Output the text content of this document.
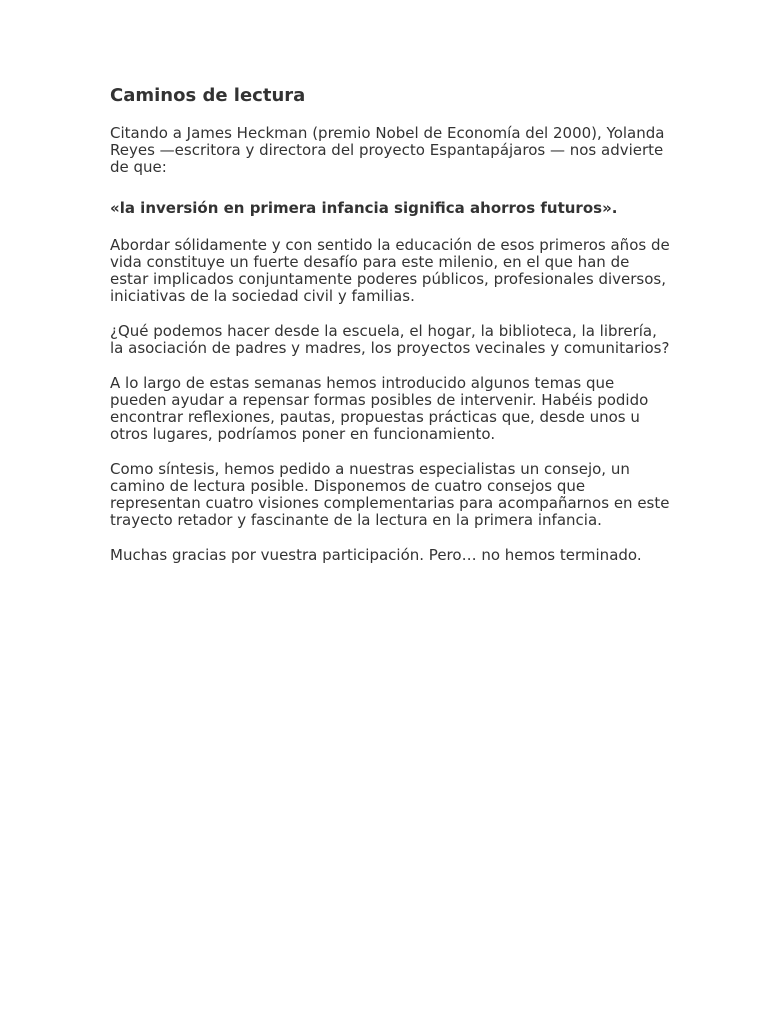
Caminos de lectura

Citando a James Heckman (premio Nobel de Economía del 2000), Yolanda Reyes —escritora y directora del proyecto Espantapájaros — nos advierte de que:

«la inversión en primera infancia significa ahorros futuros».

Abordar sólidamente y con sentido la educación de esos primeros años de vida constituye un fuerte desafío para este milenio, en el que han de estar implicados conjuntamente poderes públicos, profesionales diversos, iniciativas de la sociedad civil y familias.

¿Qué podemos hacer desde la escuela, el hogar, la biblioteca, la librería, la asociación de padres y madres, los proyectos vecinales y comunitarios?

A lo largo de estas semanas hemos introducido algunos temas que pueden ayudar a repensar formas posibles de intervenir. Habéis podido encontrar reflexiones, pautas, propuestas prácticas que, desde unos u otros lugares, podríamos poner en funcionamiento.

Como síntesis, hemos pedido a nuestras especialistas un consejo, un camino de lectura posible. Disponemos de cuatro consejos que representan cuatro visiones complementarias para acompañarnos en este trayecto retador y fascinante de la lectura en la primera infancia.

Muchas gracias por vuestra participación. Pero… no hemos terminado.
